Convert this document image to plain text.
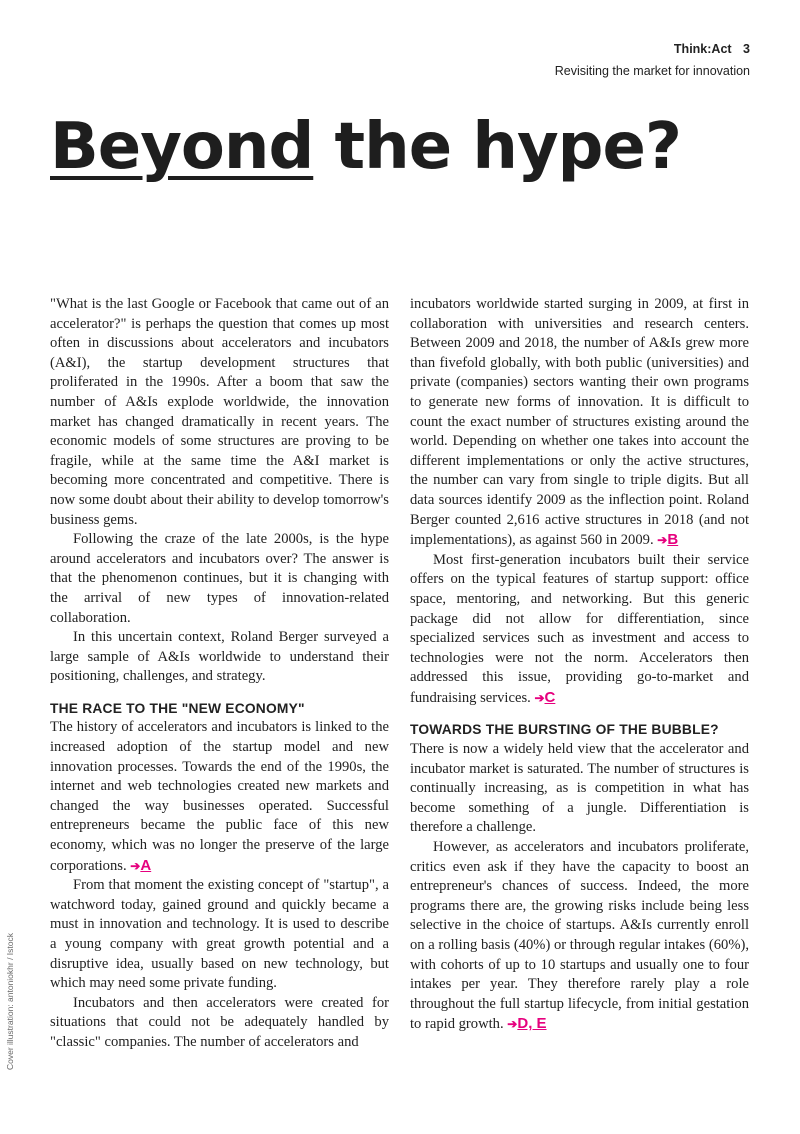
Think:Act 3
Revisiting the market for innovation
Beyond the hype?

"What is the last Google or Facebook that came out of an accelerator?" is perhaps the question that comes up most often in discussions about accelerators and incubators (A&I), the startup development structures that proliferated in the 1990s. After a boom that saw the number of A&Is explode worldwide, the innovation market has changed dramatically in recent years. The economic models of some structures are proving to be fragile, while at the same time the A&I market is becoming more concentrated and competitive. There is now some doubt about their ability to develop tomorrow's business gems.

Following the craze of the late 2000s, is the hype around accelerators and incubators over? The answer is that the phenomenon continues, but it is changing with the arrival of new types of innovation-related collaboration.

In this uncertain context, Roland Berger surveyed a large sample of A&Is worldwide to understand their positioning, challenges, and strategy.

THE RACE TO THE "NEW ECONOMY"

The history of accelerators and incubators is linked to the increased adoption of the startup model and new innovation processes. Towards the end of the 1990s, the internet and web technologies created new markets and changed the way businesses operated. Successful entrepreneurs became the public face of this new economy, which was no longer the preserve of the large corporations. ➔A

From that moment the existing concept of "startup", a watchword today, gained ground and quickly became a must in innovation and technology. It is used to describe a young company with great growth potential and a disruptive idea, usually based on new technology, but which may need some private funding.

Incubators and then accelerators were created for situations that could not be adequately handled by "classic" companies. The number of accelerators and

incubators worldwide started surging in 2009, at first in collaboration with universities and research centers. Between 2009 and 2018, the number of A&Is grew more than fivefold globally, with both public (universities) and private (companies) sectors wanting their own programs to generate new forms of innovation. It is difficult to count the exact number of structures existing around the world. Depending on whether one takes into account the different implementations or only the active structures, the number can vary from single to triple digits. But all data sources identify 2009 as the inflection point. Roland Berger counted 2,616 active structures in 2018 (and not implementations), as against 560 in 2009. ➔B

Most first-generation incubators built their service offers on the typical features of startup support: office space, mentoring, and networking. But this generic package did not allow for differentiation, since specialized services such as investment and access to technologies were not the norm. Accelerators then addressed this issue, providing go-to-market and fundraising services. ➔C

TOWARDS THE BURSTING OF THE BUBBLE?

There is now a widely held view that the accelerator and incubator market is saturated. The number of structures is continually increasing, as is competition in what has become something of a jungle. Differentiation is therefore a challenge.

However, as accelerators and incubators proliferate, critics even ask if they have the capacity to boost an entrepreneur's chances of success. Indeed, the more programs there are, the growing risks include being less selective in the choice of startups. A&Is currently enroll on a rolling basis (40%) or through regular intakes (60%), with cohorts of up to 10 startups and usually one to four intakes per year. They therefore rarely play a role throughout the full startup lifecycle, from initial gestation to rapid growth. ➔D, E

Cover illustration: antoniokhr / Istock
